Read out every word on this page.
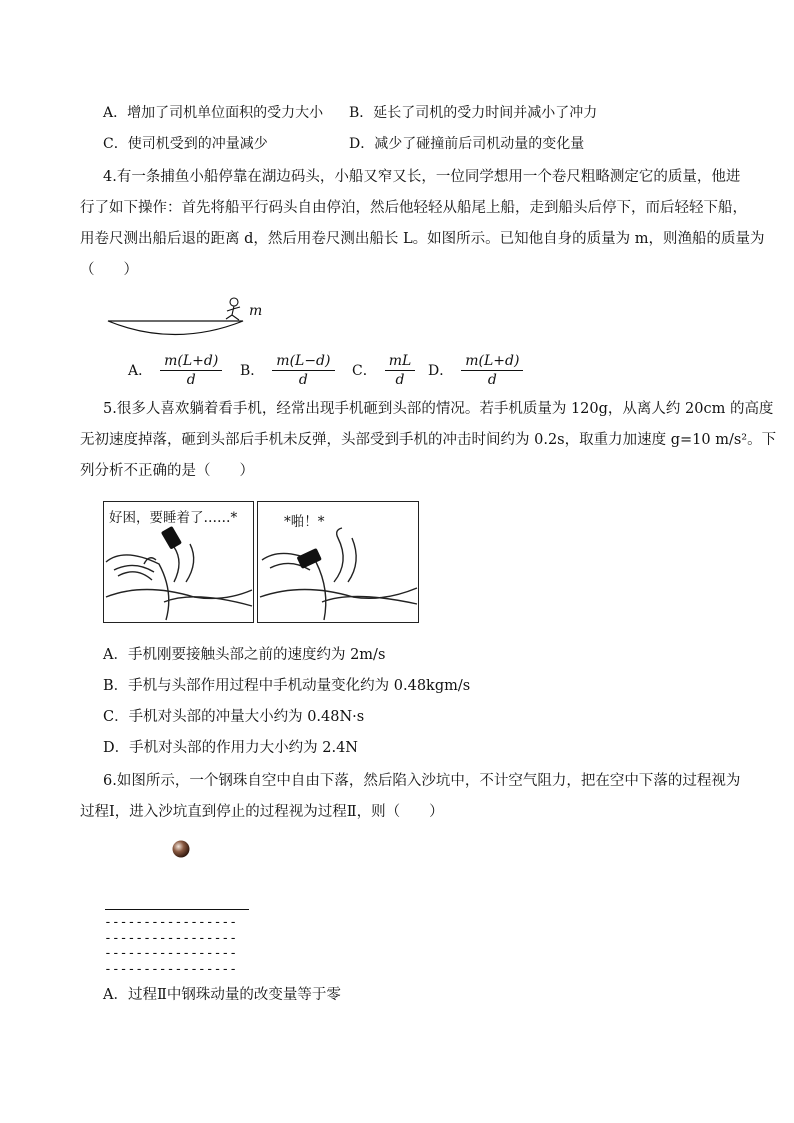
A．增加了司机单位面积的受力大小 B．延长了司机的受力时间并减小了冲力
C．使司机受到的冲量减少	D．减少了碰撞前后司机动量的变化量
4.有一条捕鱼小船停靠在湖边码头，小船又窄又长，一位同学想用一个卷尺粗略测定它的质量，他进
行了如下操作：首先将船平行码头自由停泊，然后他轻轻从船尾上船，走到船头后停下，而后轻轻下船，
用卷尺测出船后退的距离 d，然后用卷尺测出船长 L。如图所示。已知他自身的质量为 m，则渔船的质量为
（　　）
m
A． $\frac{m(L+d)}{d}$ B． $\frac{m(L-d)}{d}$ C． $\frac{mL}{d}$ D． $\frac{m(L+d)}{d}$
5.很多人喜欢躺着看手机，经常出现手机砸到头部的情况。若手机质量为 120g，从离人约 20cm 的高度
无初速度掉落，砸到头部后手机未反弹，头部受到手机的冲击时间约为 0.2s，取重力加速度 g=10 m/s²。下
列分析不正确的是（　　）
好困，要睡着了……*	*啪！*
A．手机刚要接触头部之前的速度约为 2m/s
B．手机与头部作用过程中手机动量变化约为 0.48kgm/s
C．手机对头部的冲量大小约为 0.48N·s
D．手机对头部的作用力大小约为 2.4N
6.如图所示，一个钢珠自空中自由下落，然后陷入沙坑中，不计空气阻力，把在空中下落的过程视为
过程Ⅰ，进入沙坑直到停止的过程视为过程Ⅱ，则（　　）
-----------------
-----------------
-----------------
-----------------
A．过程Ⅱ中钢珠动量的改变量等于零
